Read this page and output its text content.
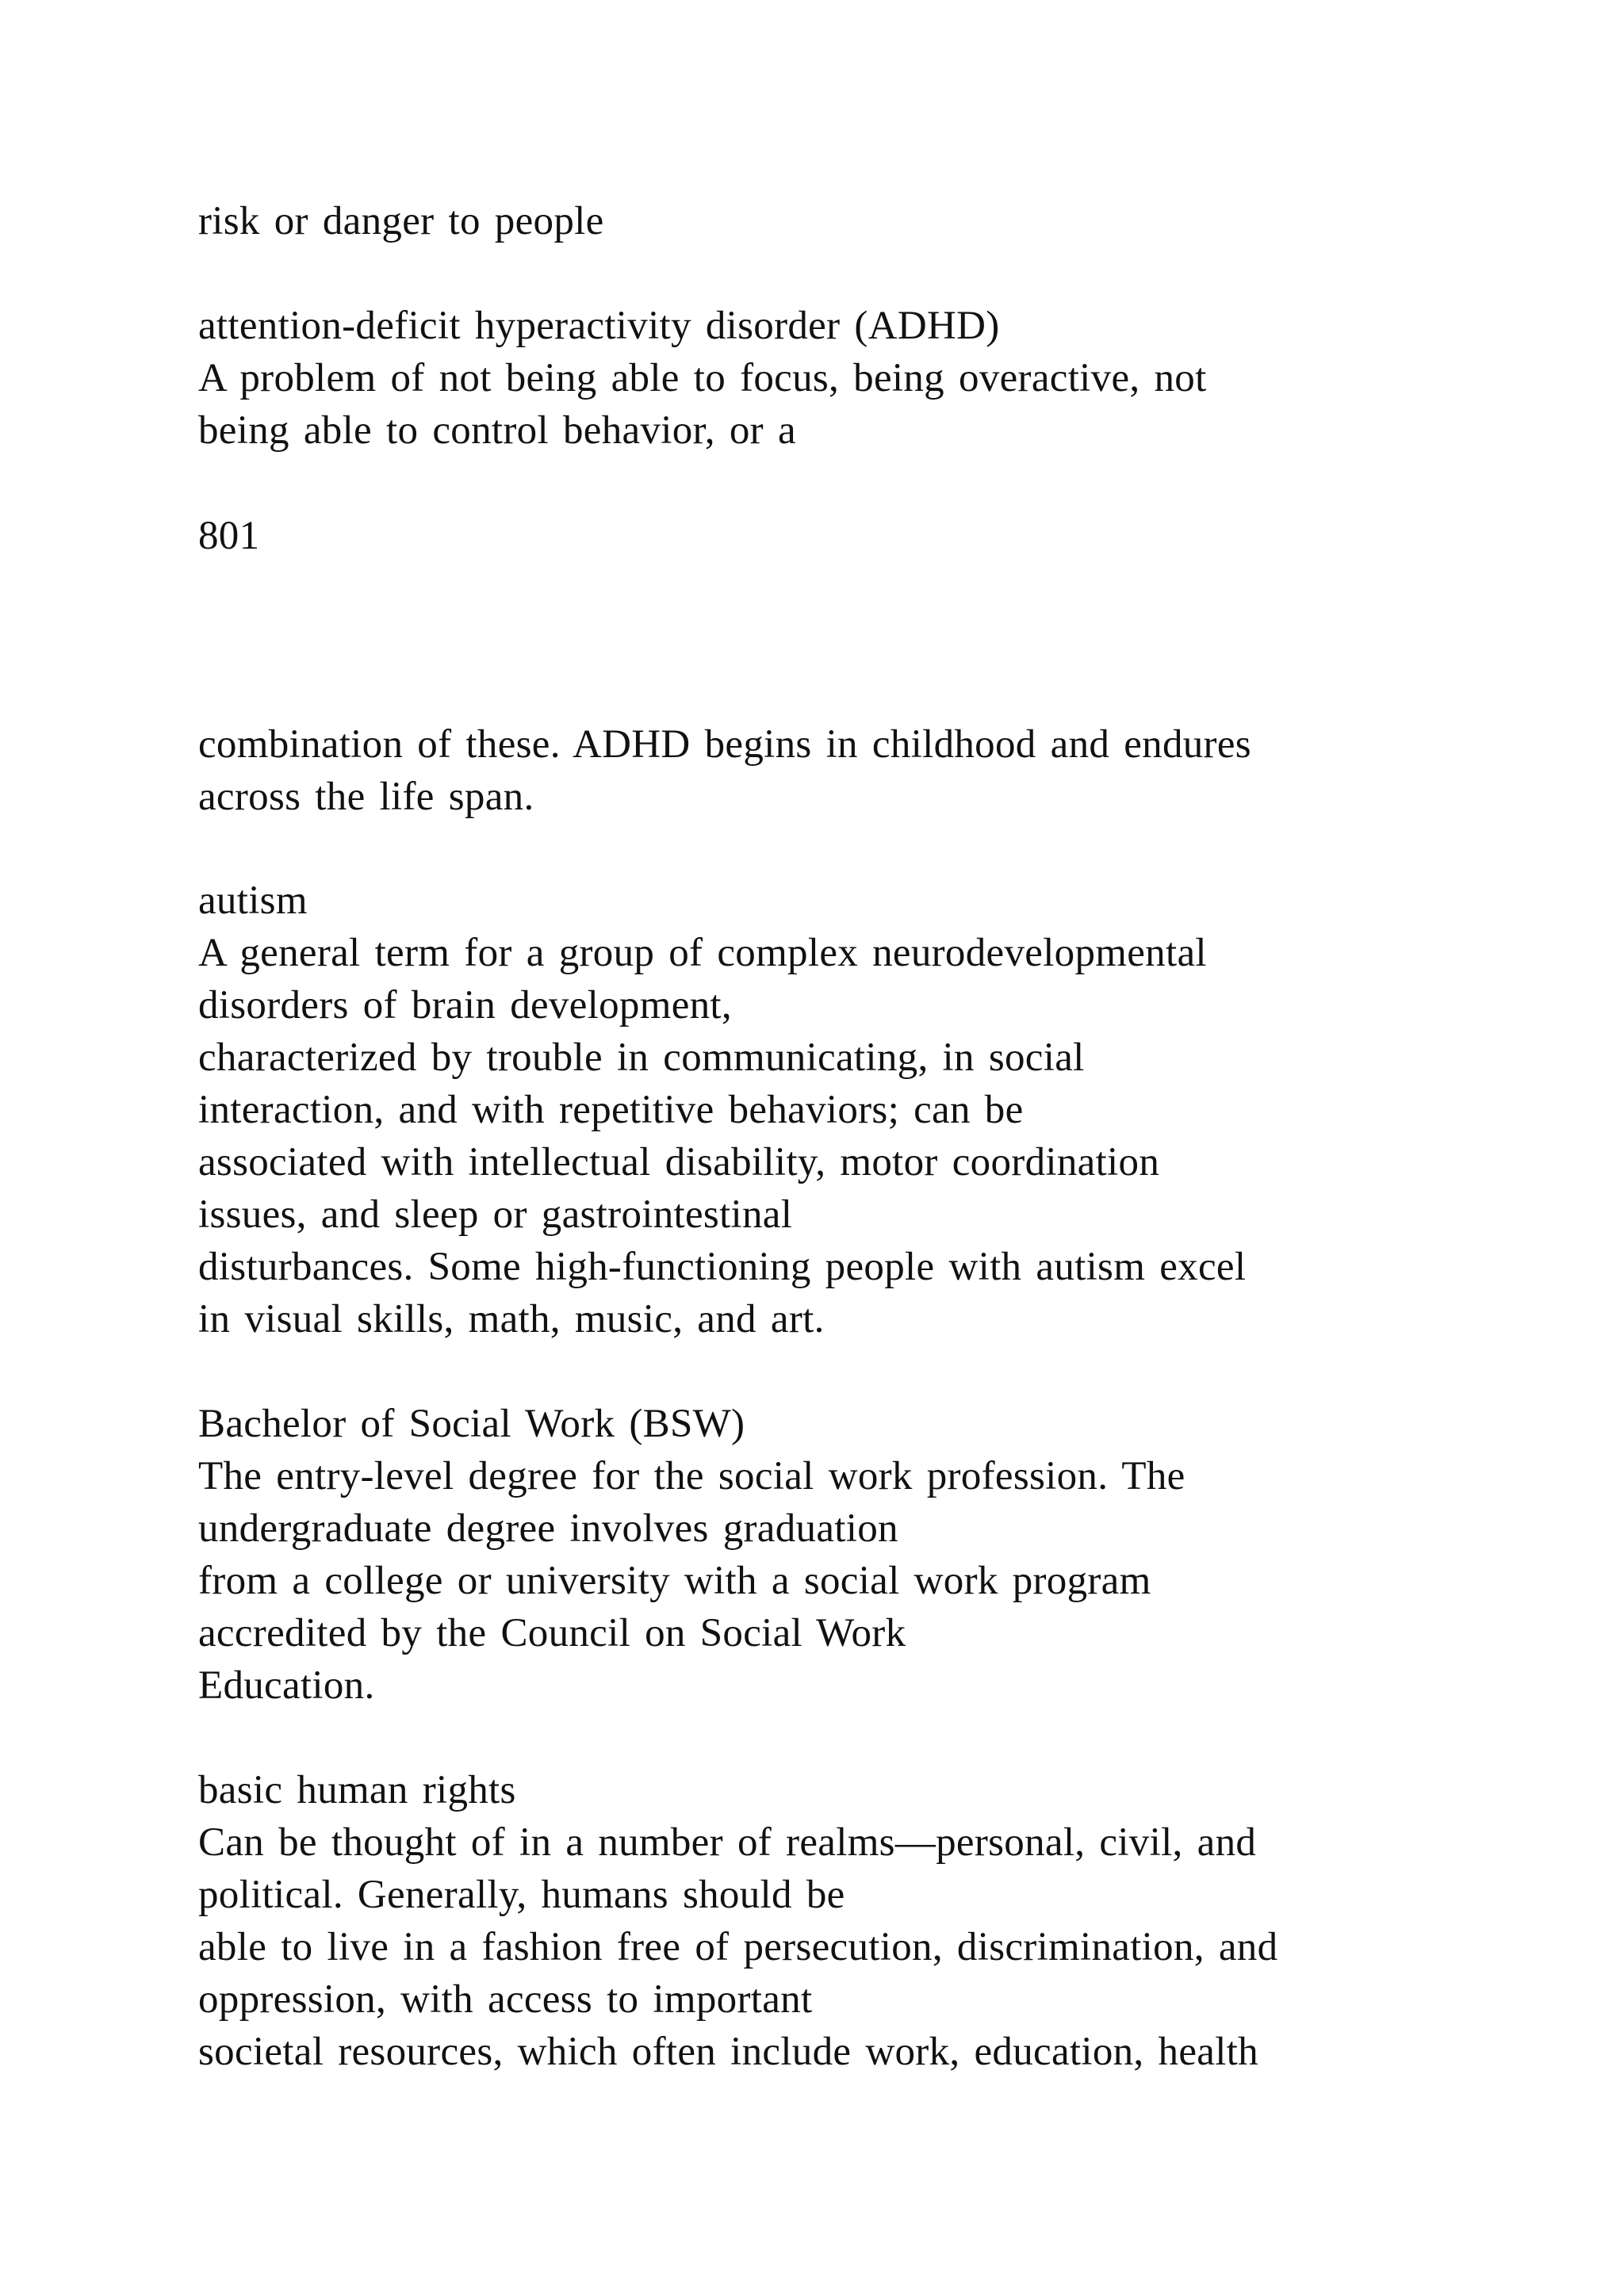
risk or danger to people

attention-deficit hyperactivity disorder (ADHD)

A problem of not being able to focus, being overactive, not

being able to control behavior, or a

801

combination of these. ADHD begins in childhood and endures

across the life span.

autism

A general term for a group of complex neurodevelopmental

disorders of brain development,

characterized by trouble in communicating, in social

interaction, and with repetitive behaviors; can be

associated with intellectual disability, motor coordination

issues, and sleep or gastrointestinal

disturbances. Some high-functioning people with autism excel

in visual skills, math, music, and art.

Bachelor of Social Work (BSW)

The entry-level degree for the social work profession. The

undergraduate degree involves graduation

from a college or university with a social work program

accredited by the Council on Social Work

Education.

basic human rights

Can be thought of in a number of realms—personal, civil, and

political. Generally, humans should be

able to live in a fashion free of persecution, discrimination, and

oppression, with access to important

societal resources, which often include work, education, health
